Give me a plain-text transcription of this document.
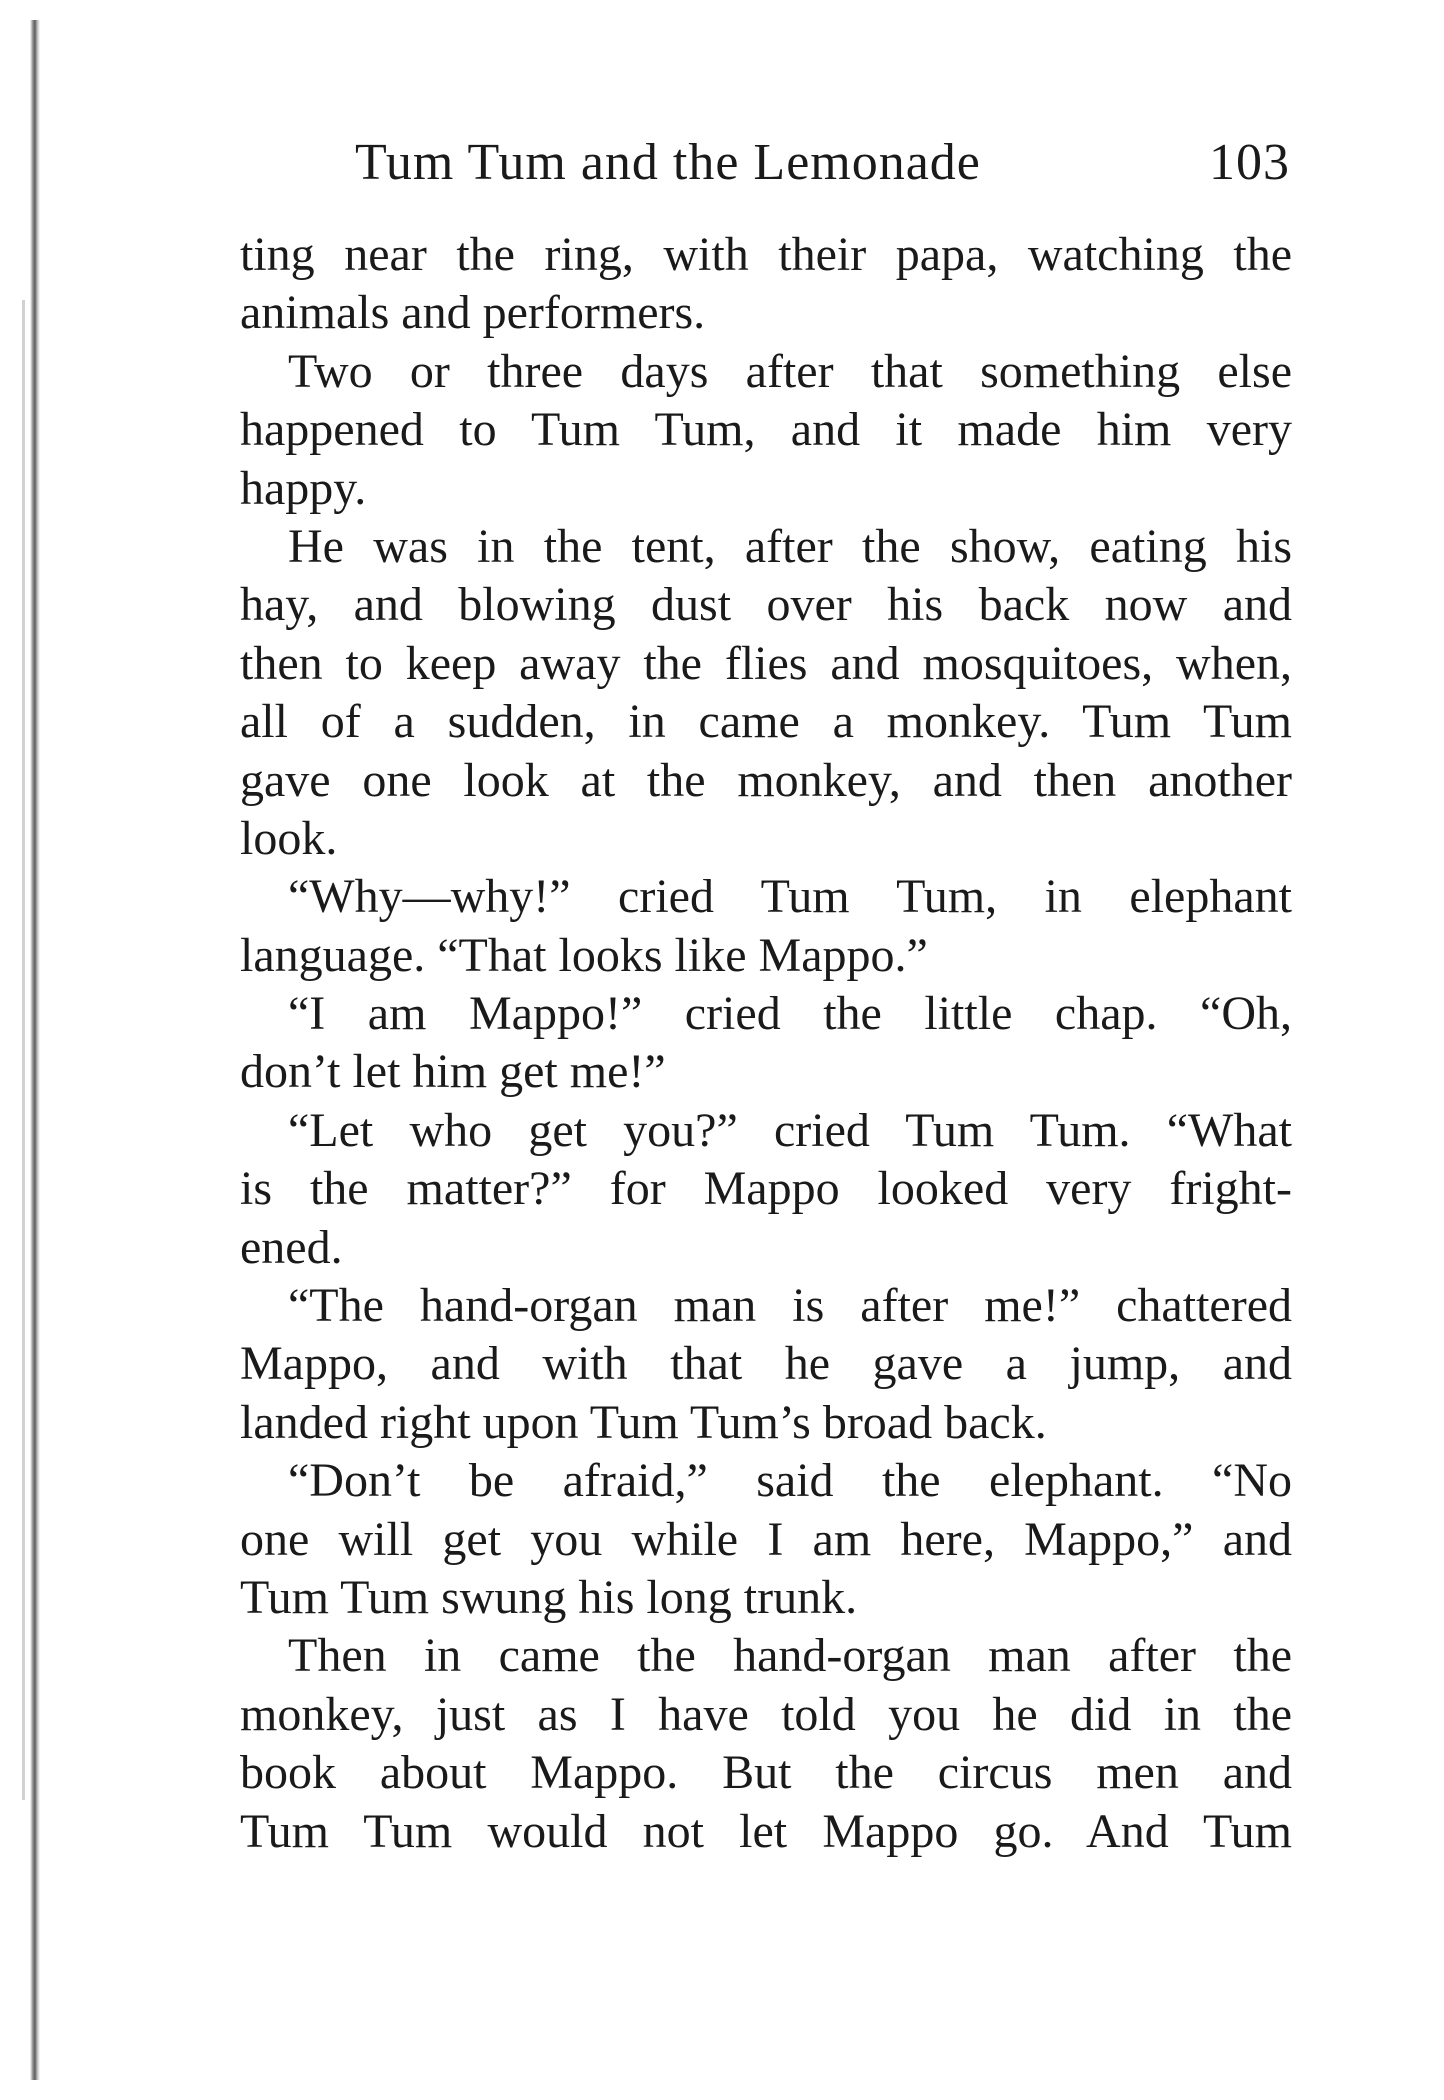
Tum Tum and the Lemonade	103
ting near the ring, with their papa, watching the
animals and performers.
Two or three days after that something else
happened to Tum Tum, and it made him very
happy.
He was in the tent, after the show, eating his
hay, and blowing dust over his back now and
then to keep away the flies and mosquitoes, when,
all of a sudden, in came a monkey. Tum Tum
gave one look at the monkey, and then another
look.
“Why—why!” cried Tum Tum, in elephant
language. “That looks like Mappo.”
“I am Mappo!” cried the little chap. “Oh,
don’t let him get me!”
“Let who get you?” cried Tum Tum. “What
is the matter?” for Mappo looked very fright-
ened.
“The hand-organ man is after me!” chattered
Mappo, and with that he gave a jump, and
landed right upon Tum Tum’s broad back.
“Don’t be afraid,” said the elephant. “No
one will get you while I am here, Mappo,” and
Tum Tum swung his long trunk.
Then in came the hand-organ man after the
monkey, just as I have told you he did in the
book about Mappo. But the circus men and
Tum Tum would not let Mappo go. And Tum
